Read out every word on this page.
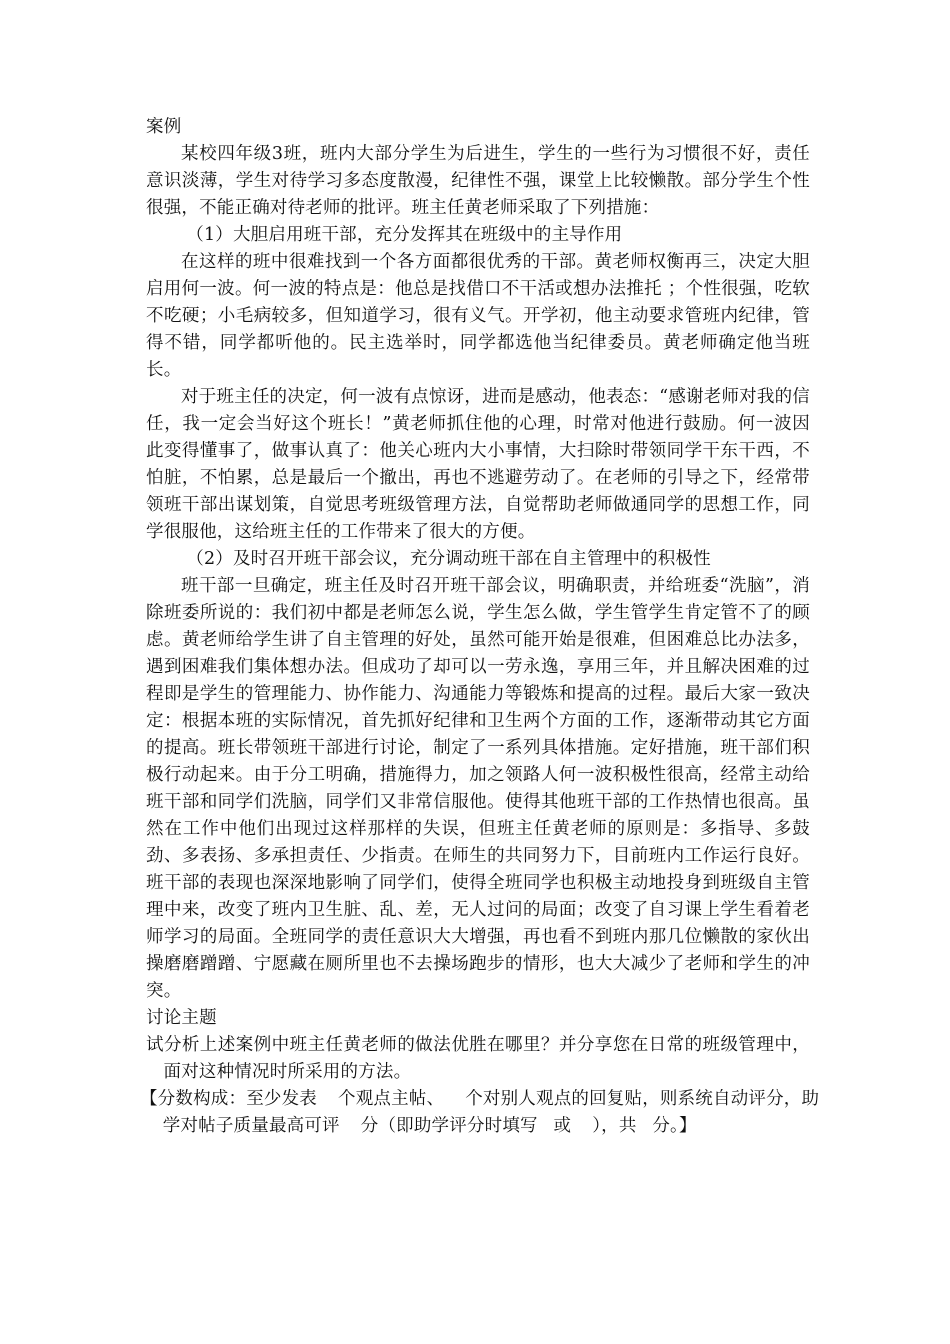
案例

某校四年级3班，班内大部分学生为后进生，学生的一些行为习惯很不好，责任意识淡薄，学生对待学习多态度散漫，纪律性不强，课堂上比较懒散。部分学生个性很强，不能正确对待老师的批评。班主任黄老师采取了下列措施：

（1）大胆启用班干部，充分发挥其在班级中的主导作用

在这样的班中很难找到一个各方面都很优秀的干部。黄老师权衡再三，决定大胆启用何一波。何一波的特点是：他总是找借口不干活或想办法推托 ；个性很强，吃软不吃硬；小毛病较多，但知道学习，很有义气。开学初，他主动要求管班内纪律，管得不错，同学都听他的。民主选举时，同学都选他当纪律委员。黄老师确定他当班长。

对于班主任的决定，何一波有点惊讶，进而是感动，他表态：“感谢老师对我的信任，我一定会当好这个班长！”黄老师抓住他的心理，时常对他进行鼓励。何一波因此变得懂事了，做事认真了：他关心班内大小事情，大扫除时带领同学干东干西，不怕脏，不怕累，总是最后一个撤出，再也不逃避劳动了。在老师的引导之下，经常带领班干部出谋划策，自觉思考班级管理方法，自觉帮助老师做通同学的思想工作，同学很服他，这给班主任的工作带来了很大的方便。

（2）及时召开班干部会议，充分调动班干部在自主管理中的积极性

班干部一旦确定，班主任及时召开班干部会议，明确职责，并给班委“洗脑”，消除班委所说的：我们初中都是老师怎么说，学生怎么做，学生管学生肯定管不了的顾虑。黄老师给学生讲了自主管理的好处，虽然可能开始是很难，但困难总比办法多，遇到困难我们集体想办法。但成功了却可以一劳永逸，享用三年，并且解决困难的过程即是学生的管理能力、协作能力、沟通能力等锻炼和提高的过程。最后大家一致决定：根据本班的实际情况，首先抓好纪律和卫生两个方面的工作，逐渐带动其它方面的提高。班长带领班干部进行讨论，制定了一系列具体措施。定好措施，班干部们积极行动起来。由于分工明确，措施得力，加之领路人何一波积极性很高，经常主动给班干部和同学们洗脑，同学们又非常信服他。使得其他班干部的工作热情也很高。虽然在工作中他们出现过这样那样的失误，但班主任黄老师的原则是：多指导、多鼓劲、多表扬、多承担责任、少指责。在师生的共同努力下，目前班内工作运行良好。班干部的表现也深深地影响了同学们，使得全班同学也积极主动地投身到班级自主管理中来，改变了班内卫生脏、乱、差，无人过问的局面；改变了自习课上学生看着老师学习的局面。全班同学的责任意识大大增强，再也看不到班内那几位懒散的家伙出操磨磨蹭蹭、宁愿藏在厕所里也不去操场跑步的情形，也大大减少了老师和学生的冲突。

讨论主题

试分析上述案例中班主任黄老师的做法优胜在哪里？并分享您在日常的班级管理中，面对这种情况时所采用的方法。

【分数构成：至少发表 个观点主帖、 个对别人观点的回复贴，则系统自动评分，助学对帖子质量最高可评 分（即助学评分时填写 或 ），共 分。】
